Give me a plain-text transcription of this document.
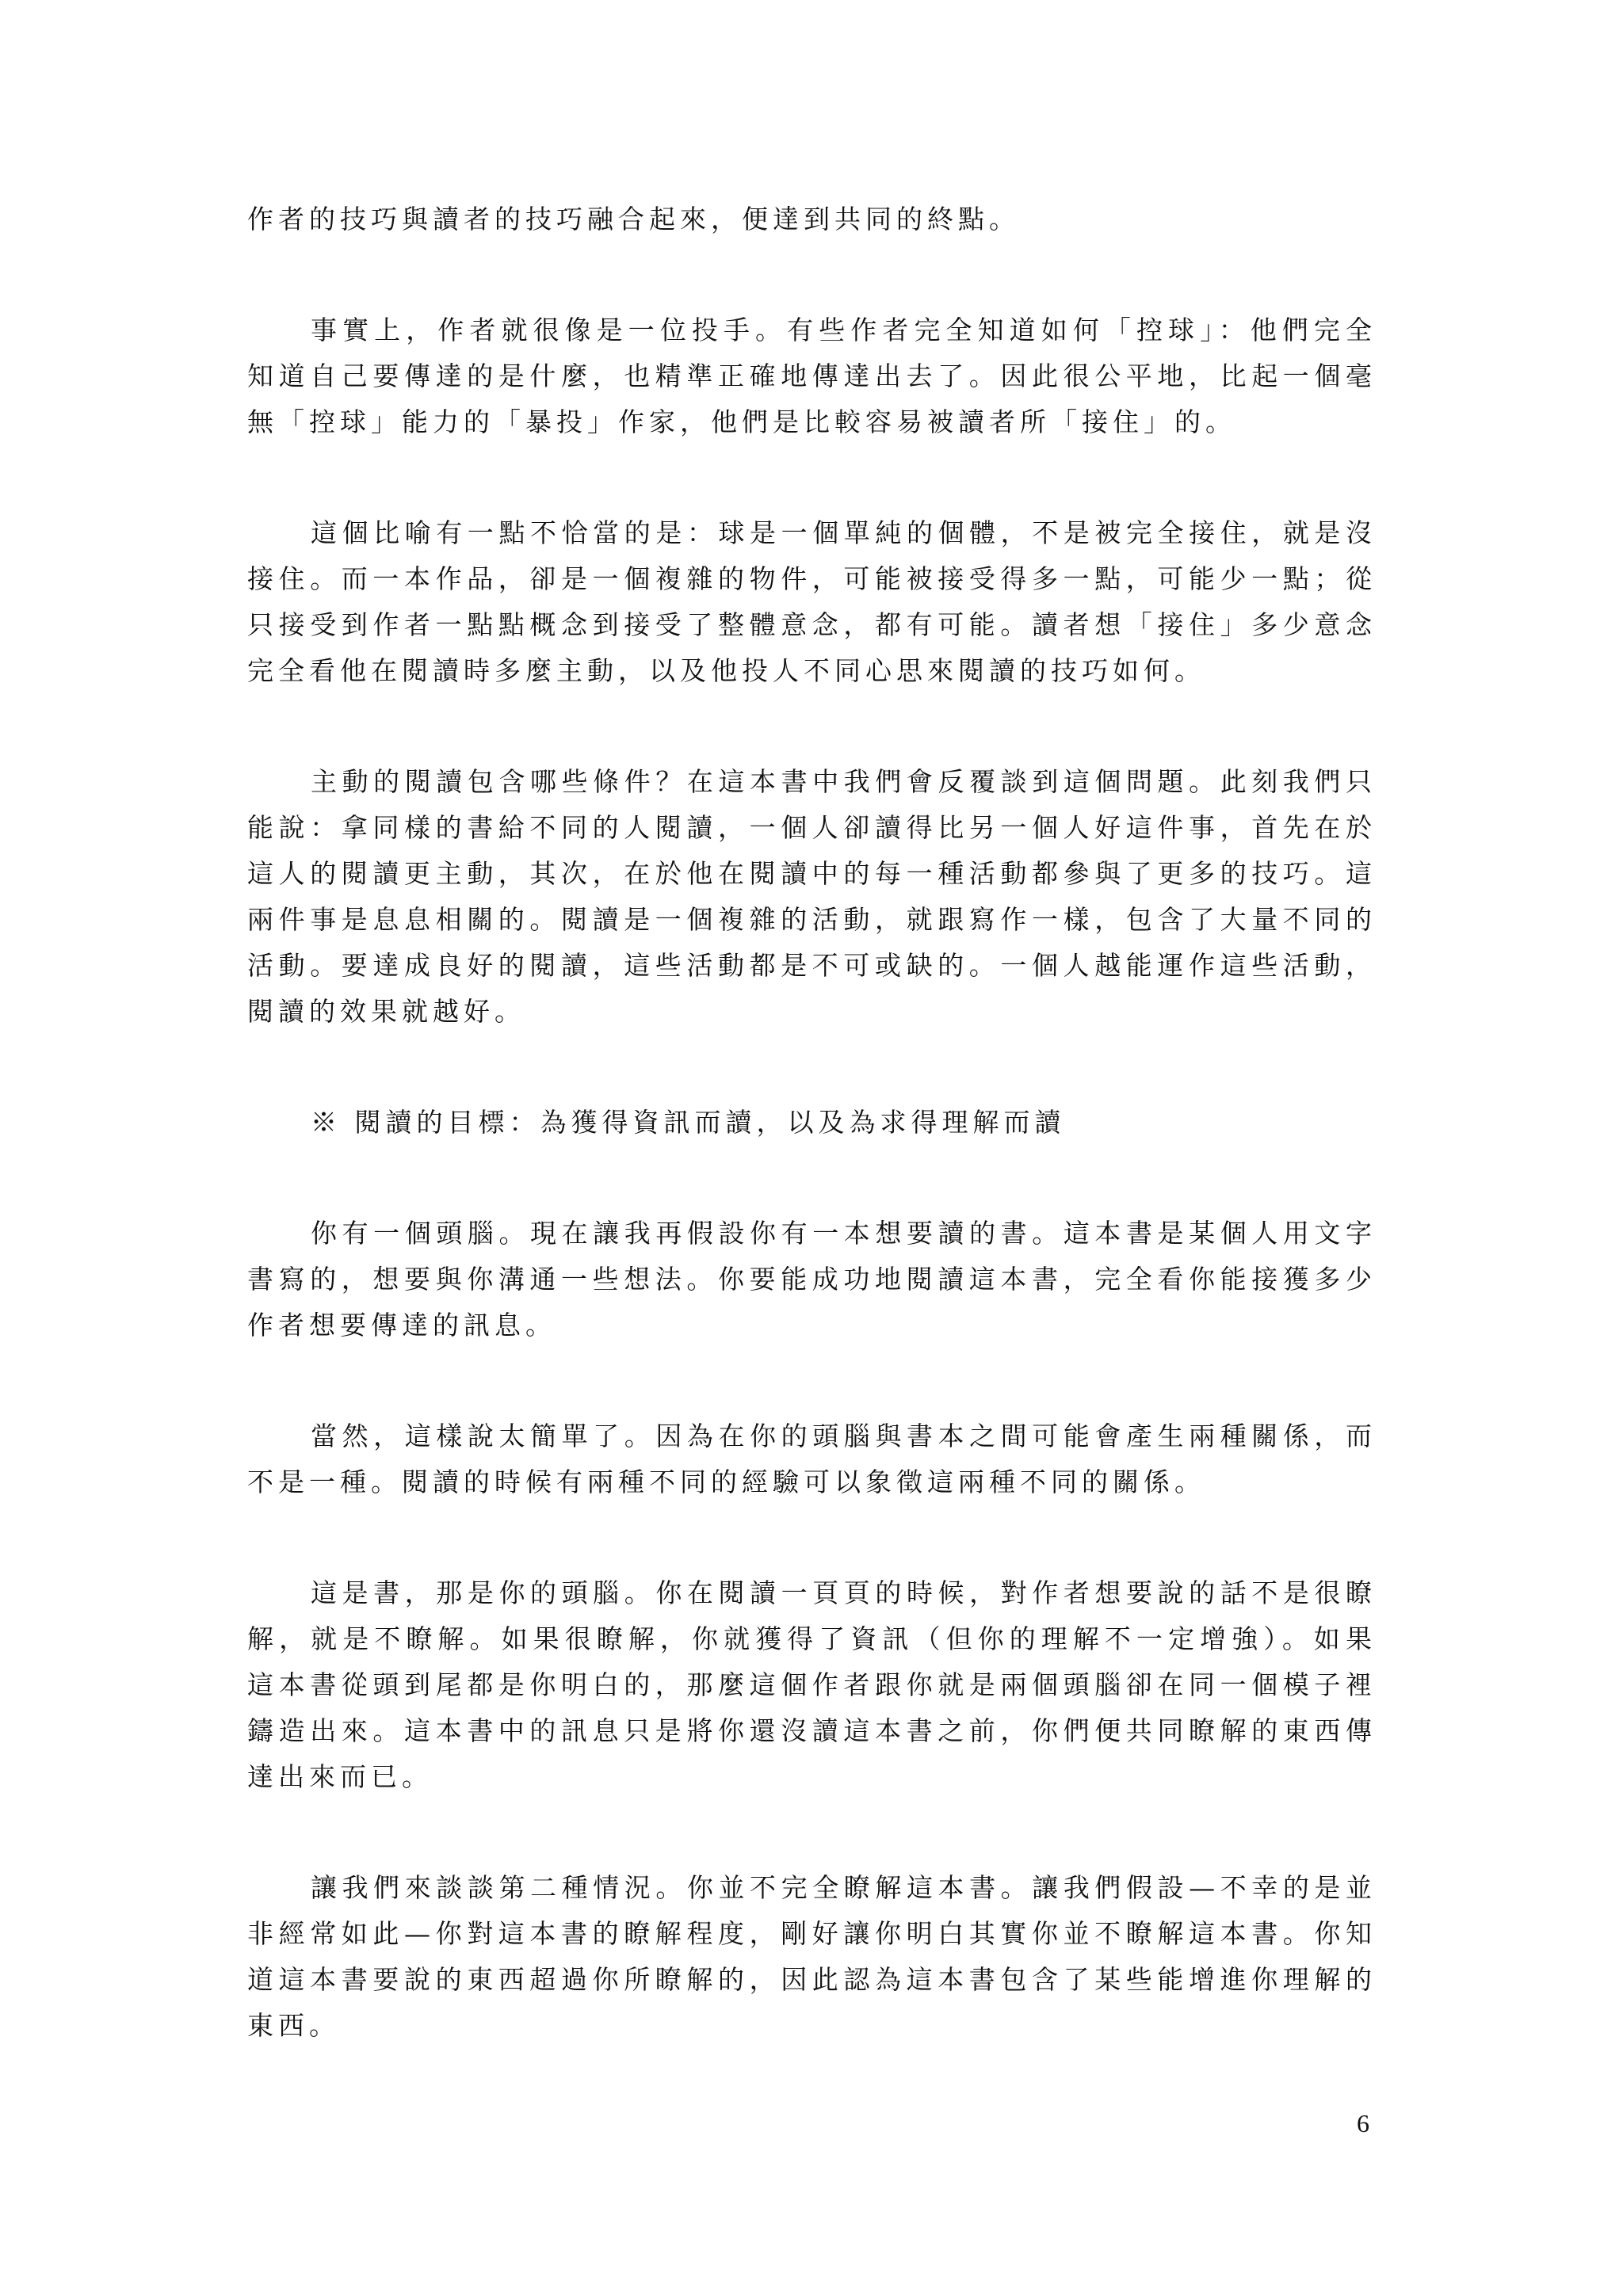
作者的技巧與讀者的技巧融合起來，便達到共同的終點。

事實上，作者就很像是一位投手。有些作者完全知道如何「控球」：他們完全知道自己要傳達的是什麼，也精準正確地傳達出去了。因此很公平地，比起一個毫無「控球」能力的「暴投」作家，他們是比較容易被讀者所「接住」的。

這個比喻有一點不恰當的是：球是一個單純的個體，不是被完全接住，就是沒接住。而一本作品，卻是一個複雜的物件，可能被接受得多一點，可能少一點；從只接受到作者一點點概念到接受了整體意念，都有可能。讀者想「接住」多少意念完全看他在閱讀時多麼主動，以及他投人不同心思來閱讀的技巧如何。

主動的閱讀包含哪些條件？在這本書中我們會反覆談到這個問題。此刻我們只能說：拿同樣的書給不同的人閱讀，一個人卻讀得比另一個人好這件事，首先在於這人的閱讀更主動，其次，在於他在閱讀中的每一種活動都參與了更多的技巧。這兩件事是息息相關的。閱讀是一個複雜的活動，就跟寫作一樣，包含了大量不同的活動。要達成良好的閱讀，這些活動都是不可或缺的。一個人越能運作這些活動，閱讀的效果就越好。

※ 閱讀的目標：為獲得資訊而讀，以及為求得理解而讀

你有一個頭腦。現在讓我再假設你有一本想要讀的書。這本書是某個人用文字書寫的，想要與你溝通一些想法。你要能成功地閱讀這本書，完全看你能接獲多少作者想要傳達的訊息。

當然，這樣說太簡單了。因為在你的頭腦與書本之間可能會產生兩種關係，而不是一種。閱讀的時候有兩種不同的經驗可以象徵這兩種不同的關係。

這是書，那是你的頭腦。你在閱讀一頁頁的時候，對作者想要說的話不是很瞭解，就是不瞭解。如果很瞭解，你就獲得了資訊（但你的理解不一定增強）。如果這本書從頭到尾都是你明白的，那麼這個作者跟你就是兩個頭腦卻在同一個模子裡鑄造出來。這本書中的訊息只是將你還沒讀這本書之前，你們便共同瞭解的東西傳達出來而已。

讓我們來談談第二種情況。你並不完全瞭解這本書。讓我們假設—不幸的是並非經常如此—你對這本書的瞭解程度，剛好讓你明白其實你並不瞭解這本書。你知道這本書要說的東西超過你所瞭解的，因此認為這本書包含了某些能增進你理解的東西。

6
